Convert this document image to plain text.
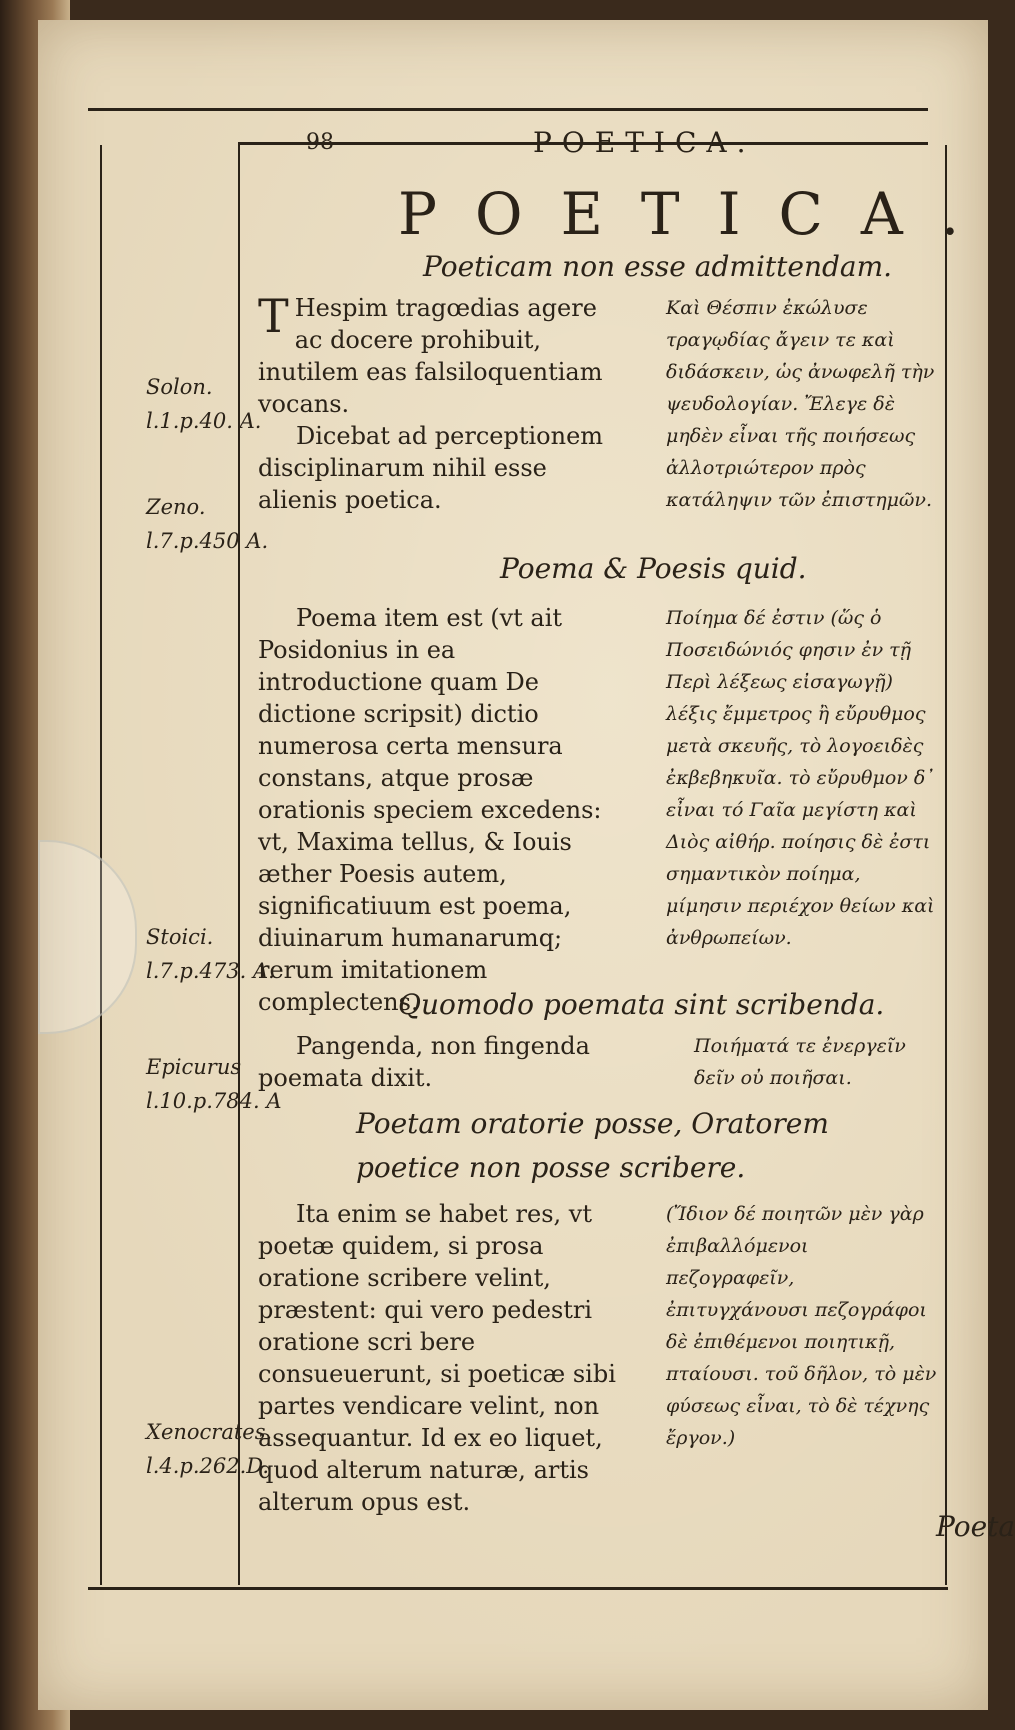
98	POETICA.
POETICA.
Poeticam non esse admittendam.
T Hespim tragœdias agere ac docere prohibuit, inutilem eas falsiloquentiam vocans.
Dicebat ad perceptionem disciplinarum nihil esse alienis poetica.
Καὶ Θέσπιν ἐκώλυσε τραγῳδίας ἄγειν τε καὶ διδάσκειν, ὡς ἀνωφελῆ τὴν ψευδολογίαν. Ἔλεγε δὲ μηδὲν εἶναι τῆς ποιήσεως ἀλλοτριώτερον πρὸς κατάληψιν τῶν ἐπιστημῶν.
Poema & Poesis quid.
Poema item est (vt ait Posidonius in ea introductione quam De dictione scripsit) dictio numerosa certa mensura constans, atque prosæ orationis speciem excedens: vt, Maxima tellus, & Iouis æther Poesis autem, significatiuum est poema, diuinarum humanarumq; rerum imitationem complectens.
Ποίημα δέ ἐστιν (ὥς ὁ Ποσειδώνιός φησιν ἐν τῇ Περὶ λέξεως εἰσαγωγῇ) λέξις ἔμμετρος ἢ εὔρυθμος μετὰ σκευῆς, τὸ λογοειδὲς ἐκβεβηκυῖα. τὸ εὔρυθμον δ᾽ εἶναι τό Γαῖα μεγίστη καὶ Διὸς αἰθήρ. ποίησις δὲ ἐστι σημαντικὸν ποίημα, μίμησιν περιέχον θείων καὶ ἀνθρωπείων.
Quomodo poemata sint scribenda.
Pangenda, non fingenda poemata dixit.
Ποιήματά τε ἐνεργεῖν δεῖν οὐ ποιῆσαι.
Poetam oratorie posse, Oratorem poetice non posse scribere.
Ita enim se habet res, vt poetæ quidem, si prosa oratione scribere velint, præstent: qui vero pedestri oratione scri bere consueuerunt, si poeticæ sibi partes vendicare velint, non assequantur. Id ex eo liquet, quod alterum naturæ, artis alterum opus est.
(Ἴδιον δέ ποιητῶν μὲν γὰρ ἐπιβαλλόμενοι πεζογραφεῖν, ἐπιτυγχάνουσι πεζογράφοι δὲ ἐπιθέμενοι ποιητικῇ, πταίουσι. τοῦ δῆλον, τὸ μὲν φύσεως εἶναι, τὸ δὲ τέχνης ἔργον.)
Solon.
l.1.p.40. A.
Zeno.
l.7.p.450 A.
Stoici.
l.7.p.473. A.
Epicurus
l.10.p.784. A
Xenocrates.
l.4.p.262.D.
Poeta
